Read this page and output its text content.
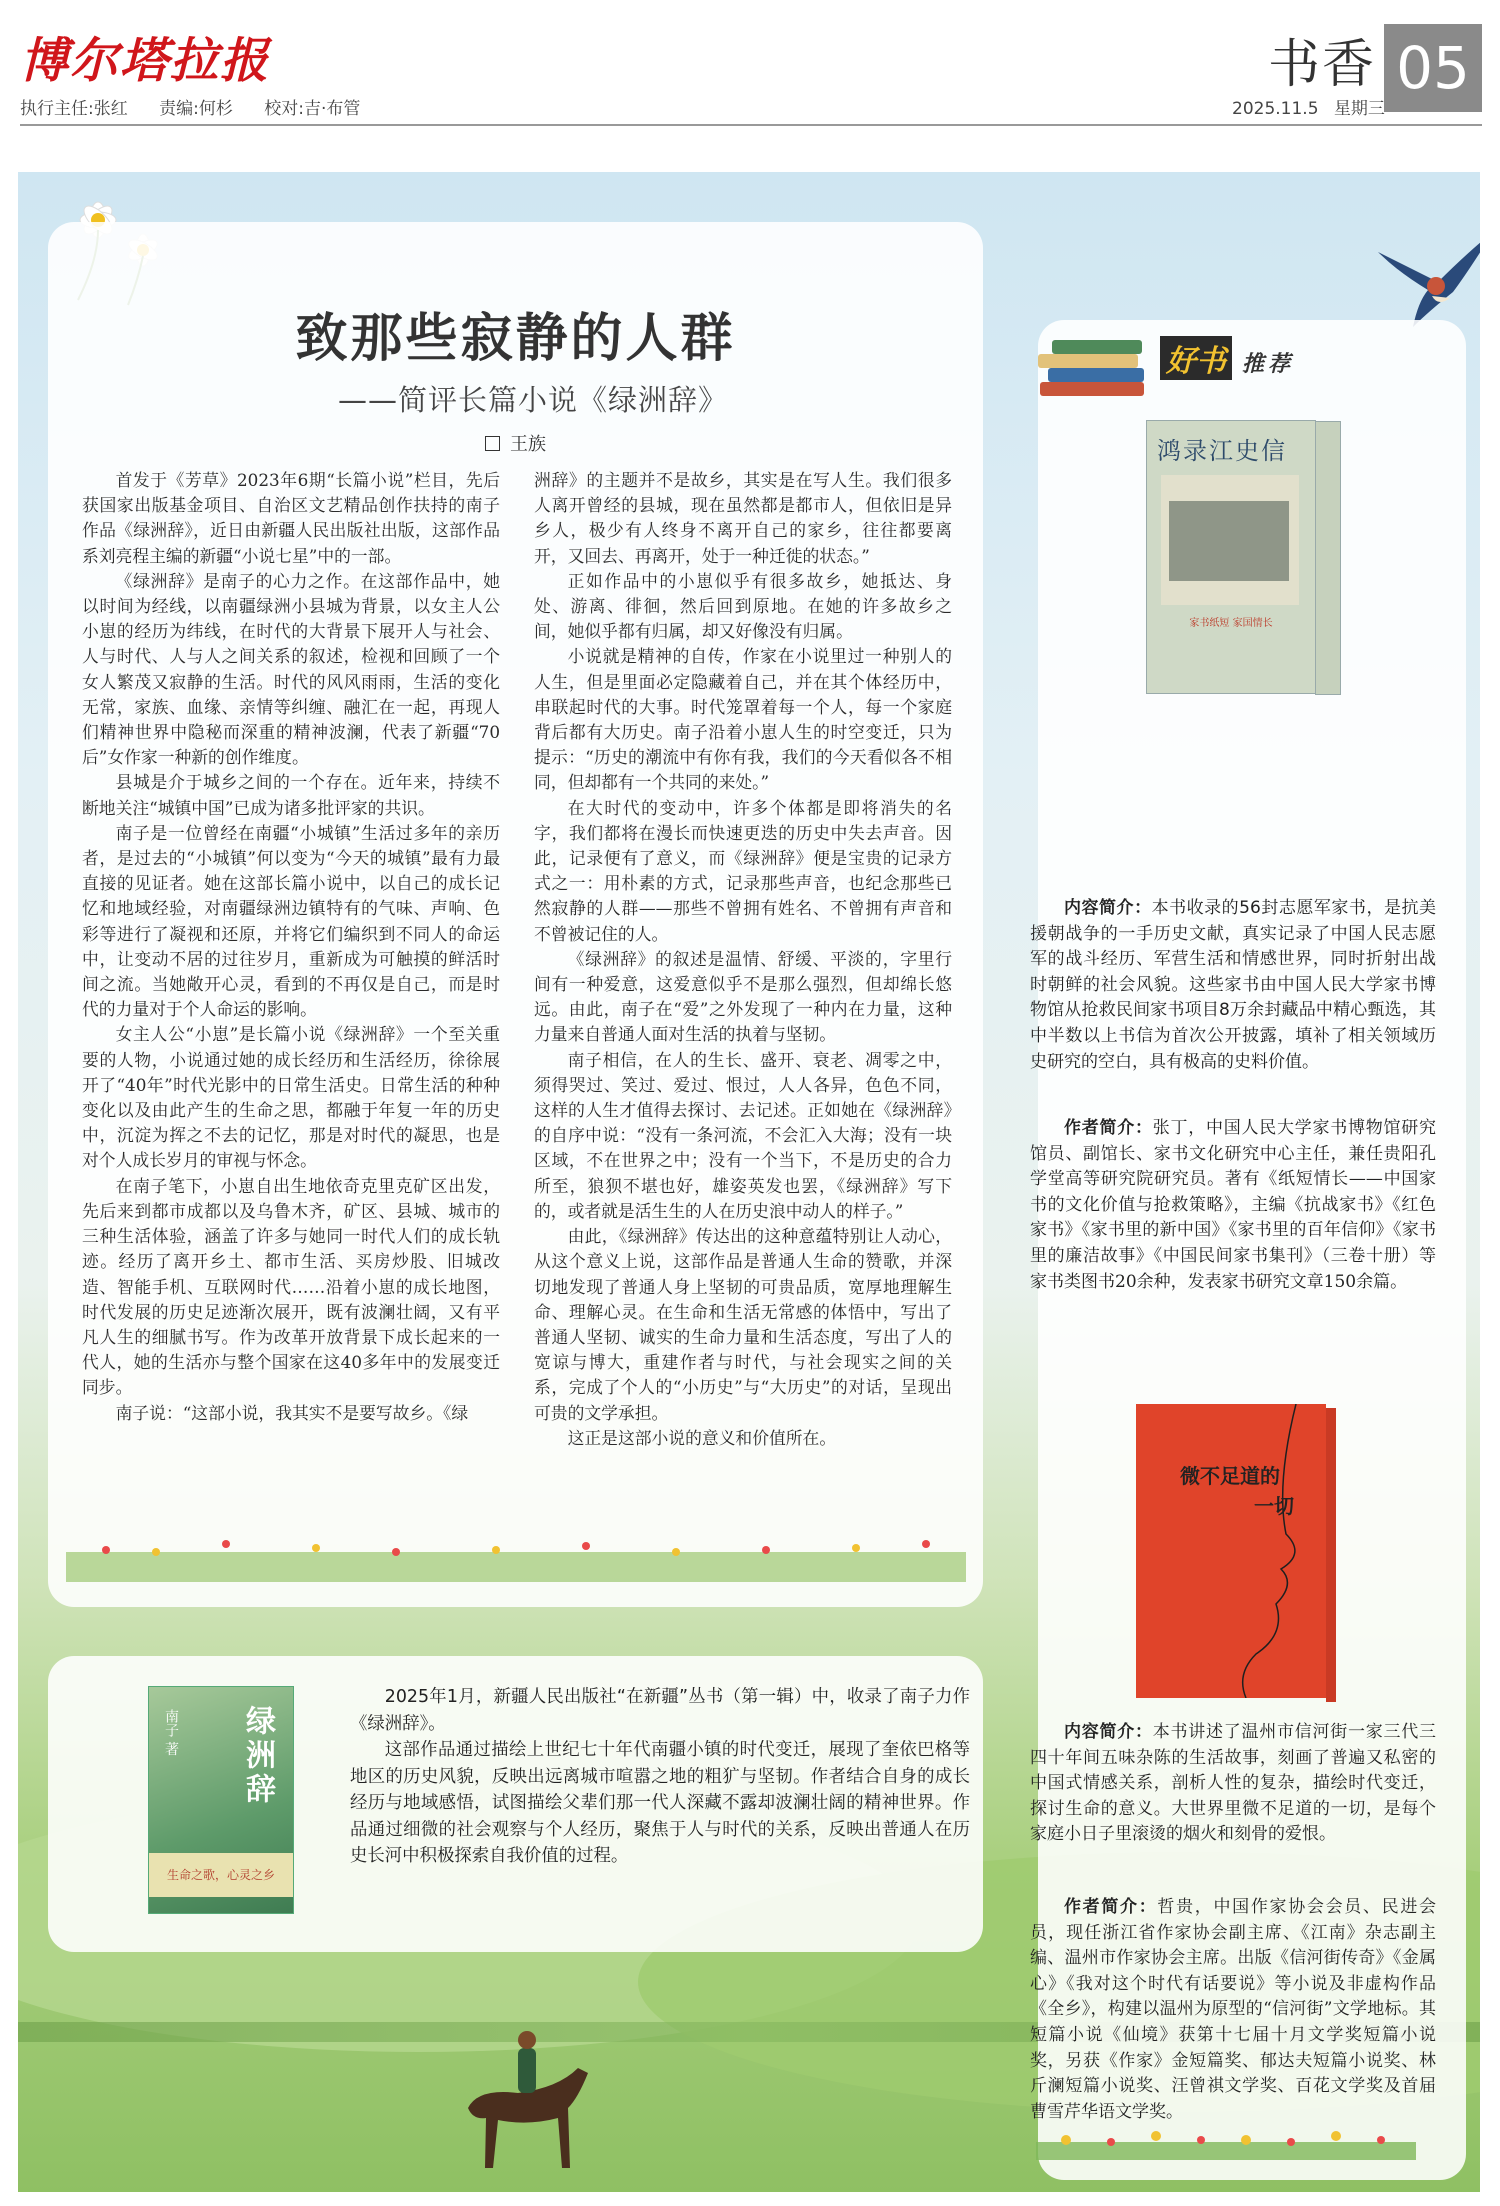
博尔塔拉报
执行主任:张红 责编:何杉 校对:吉·布管
书香 05
2025.11.5 星期三
致那些寂静的人群
——简评长篇小说《绿洲辞》
王族

首发于《芳草》2023年6期“长篇小说”栏目，先后获国家出版基金项目、自治区文艺精品创作扶持的南子作品《绿洲辞》，近日由新疆人民出版社出版，这部作品系刘亮程主编的新疆“小说七星”中的一部。

《绿洲辞》是南子的心力之作。在这部作品中，她以时间为经线，以南疆绿洲小县城为背景，以女主人公小崽的经历为纬线，在时代的大背景下展开人与社会、人与时代、人与人之间关系的叙述，检视和回顾了一个女人繁茂又寂静的生活。时代的风风雨雨，生活的变化无常，家族、血缘、亲情等纠缠、融汇在一起，再现人们精神世界中隐秘而深重的精神波澜，代表了新疆“70后”女作家一种新的创作维度。

县城是介于城乡之间的一个存在。近年来，持续不断地关注“城镇中国”已成为诸多批评家的共识。

南子是一位曾经在南疆“小城镇”生活过多年的亲历者，是过去的“小城镇”何以变为“今天的城镇”最有力最直接的见证者。她在这部长篇小说中，以自己的成长记忆和地域经验，对南疆绿洲边镇特有的气味、声响、色彩等进行了凝视和还原，并将它们编织到不同人的命运中，让变动不居的过往岁月，重新成为可触摸的鲜活时间之流。当她敞开心灵，看到的不再仅是自己，而是时代的力量对于个人命运的影响。

女主人公“小崽”是长篇小说《绿洲辞》一个至关重要的人物，小说通过她的成长经历和生活经历，徐徐展开了“40年”时代光影中的日常生活史。日常生活的种种变化以及由此产生的生命之思，都融于年复一年的历史中，沉淀为挥之不去的记忆，那是对时代的凝思，也是对个人成长岁月的审视与怀念。

在南子笔下，小崽自出生地依奇克里克矿区出发，先后来到都市成都以及乌鲁木齐，矿区、县城、城市的三种生活体验，涵盖了许多与她同一时代人们的成长轨迹。经历了离开乡土、都市生活、买房炒股、旧城改造、智能手机、互联网时代……沿着小崽的成长地图，时代发展的历史足迹渐次展开，既有波澜壮阔，又有平凡人生的细腻书写。作为改革开放背景下成长起来的一代人，她的生活亦与整个国家在这40多年中的发展变迁同步。

南子说：“这部小说，我其实不是要写故乡。《绿

洲辞》的主题并不是故乡，其实是在写人生。我们很多人离开曾经的县城，现在虽然都是都市人，但依旧是异乡人，极少有人终身不离开自己的家乡，往往都要离开，又回去、再离开，处于一种迁徙的状态。”

正如作品中的小崽似乎有很多故乡，她抵达、身处、游离、徘徊，然后回到原地。在她的许多故乡之间，她似乎都有归属，却又好像没有归属。

小说就是精神的自传，作家在小说里过一种别人的人生，但是里面必定隐藏着自己，并在其个体经历中，串联起时代的大事。时代笼罩着每一个人，每一个家庭背后都有大历史。南子沿着小崽人生的时空变迁，只为提示：“历史的潮流中有你有我，我们的今天看似各不相同，但却都有一个共同的来处。”

在大时代的变动中，许多个体都是即将消失的名字，我们都将在漫长而快速更迭的历史中失去声音。因此，记录便有了意义，而《绿洲辞》便是宝贵的记录方式之一：用朴素的方式，记录那些声音，也纪念那些已然寂静的人群——那些不曾拥有姓名、不曾拥有声音和不曾被记住的人。

《绿洲辞》的叙述是温情、舒缓、平淡的，字里行间有一种爱意，这爱意似乎不是那么强烈，但却绵长悠远。由此，南子在“爱”之外发现了一种内在力量，这种力量来自普通人面对生活的执着与坚韧。

南子相信，在人的生长、盛开、衰老、凋零之中，须得哭过、笑过、爱过、恨过，人人各异，色色不同，这样的人生才值得去探讨、去记述。正如她在《绿洲辞》的自序中说：“没有一条河流，不会汇入大海；没有一块区域，不在世界之中；没有一个当下，不是历史的合力所至，狼狈不堪也好，雄姿英发也罢，《绿洲辞》写下的，或者就是活生生的人在历史浪中动人的样子。”

由此，《绿洲辞》传达出的这种意蕴特别让人动心，从这个意义上说，这部作品是普通人生命的赞歌，并深切地发现了普通人身上坚韧的可贵品质，宽厚地理解生命、理解心灵。在生命和生活无常感的体悟中，写出了普通人坚韧、诚实的生命力量和生活态度，写出了人的宽谅与博大，重建作者与时代，与社会现实之间的关系，完成了个人的“小历史”与“大历史”的对话，呈现出可贵的文学承担。

这正是这部小说的意义和价值所在。

绿洲辞
南子 著
生命之歌，心灵之乡

2025年1月，新疆人民出版社“在新疆”丛书（第一辑）中，收录了南子力作《绿洲辞》。

这部作品通过描绘上世纪七十年代南疆小镇的时代变迁，展现了奎依巴格等地区的历史风貌，反映出远离城市喧嚣之地的粗犷与坚韧。作者结合自身的成长经历与地域感悟，试图描绘父辈们那一代人深藏不露却波澜壮阔的精神世界。作品通过细微的社会观察与个人经历，聚焦于人与时代的关系，反映出普通人在历史长河中积极探索自我价值的过程。

好书 推荐
鸿录江史信
家书纸短 家国情长

内容简介：本书收录的56封志愿军家书，是抗美援朝战争的一手历史文献，真实记录了中国人民志愿军的战斗经历、军营生活和情感世界，同时折射出战时朝鲜的社会风貌。这些家书由中国人民大学家书博物馆从抢救民间家书项目8万余封藏品中精心甄选，其中半数以上书信为首次公开披露，填补了相关领域历史研究的空白，具有极高的史料价值。

作者简介：张丁，中国人民大学家书博物馆研究馆员、副馆长、家书文化研究中心主任，兼任贵阳孔学堂高等研究院研究员。著有《纸短情长——中国家书的文化价值与抢救策略》，主编《抗战家书》《红色家书》《家书里的新中国》《家书里的百年信仰》《家书里的廉洁故事》《中国民间家书集刊》（三卷十册）等家书类图书20余种，发表家书研究文章150余篇。

微不足道的
一切

内容简介：本书讲述了温州市信河街一家三代三四十年间五味杂陈的生活故事，刻画了普遍又私密的中国式情感关系，剖析人性的复杂，描绘时代变迁，探讨生命的意义。大世界里微不足道的一切，是每个家庭小日子里滚烫的烟火和刻骨的爱恨。

作者简介：哲贵，中国作家协会会员、民进会员，现任浙江省作家协会副主席、《江南》杂志副主编、温州市作家协会主席。出版《信河街传奇》《金属心》《我对这个时代有话要说》等小说及非虚构作品《全乡》，构建以温州为原型的“信河街”文学地标。其短篇小说《仙境》获第十七届十月文学奖短篇小说奖，另获《作家》金短篇奖、郁达夫短篇小说奖、林斤澜短篇小说奖、汪曾祺文学奖、百花文学奖及首届曹雪芹华语文学奖。
